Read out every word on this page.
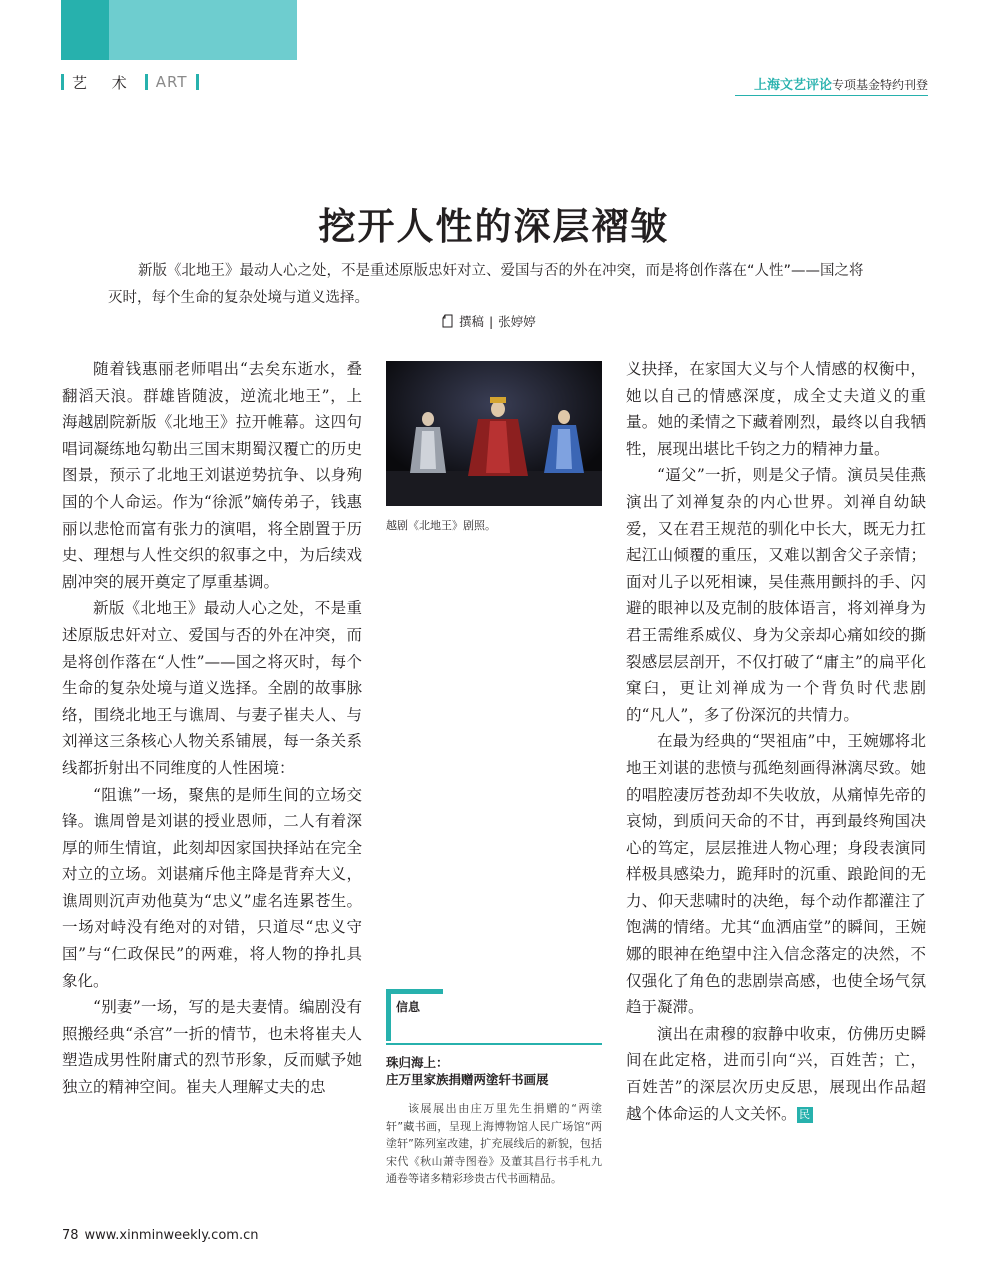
艺 术 ART	上海文艺评论 专项基金特约刊登
挖开人性的深层褶皱

新版《北地王》最动人心之处，不是重述原版忠奸对立、爱国与否的外在冲突，而是将创作落在“人性”——国之将灭时，每个生命的复杂处境与道义选择。

撰稿 | 张婷婷

随着钱惠丽老师唱出“去矣东逝水，叠翻滔天浪。群雄皆随波，逆流北地王”，上海越剧院新版《北地王》拉开帷幕。这四句唱词凝练地勾勒出三国末期蜀汉覆亡的历史图景，预示了北地王刘谌逆势抗争、以身殉国的个人命运。作为“徐派”嫡传弟子，钱惠丽以悲怆而富有张力的演唱，将全剧置于历史、理想与人性交织的叙事之中，为后续戏剧冲突的展开奠定了厚重基调。

新版《北地王》最动人心之处，不是重述原版忠奸对立、爱国与否的外在冲突，而是将创作落在“人性”——国之将灭时，每个生命的复杂处境与道义选择。全剧的故事脉络，围绕北地王与谯周、与妻子崔夫人、与刘禅这三条核心人物关系铺展，每一条关系线都折射出不同维度的人性困境：

“阻谯”一场，聚焦的是师生间的立场交锋。谯周曾是刘谌的授业恩师，二人有着深厚的师生情谊，此刻却因家国抉择站在完全对立的立场。刘谌痛斥他主降是背弃大义，谯周则沉声劝他莫为“忠义”虚名连累苍生。一场对峙没有绝对的对错，只道尽“忠义守国”与“仁政保民”的两难，将人物的挣扎具象化。

“别妻”一场，写的是夫妻情。编剧没有照搬经典“杀宫”一折的情节，也未将崔夫人塑造成男性附庸式的烈节形象，反而赋予她独立的精神空间。崔夫人理解丈夫的忠

越剧《北地王》剧照。
信息
珠归海上：
庄万里家族捐赠两塗轩书画展

该展展出由庄万里先生捐赠的“两塗轩”藏书画，呈现上海博物馆人民广场馆“两塗轩”陈列室改建，扩充展线后的新貌，包括宋代《秋山萧寺图卷》及董其昌行书手札九通卷等诸多精彩珍贵古代书画精品。

义抉择，在家国大义与个人情感的权衡中，她以自己的情感深度，成全丈夫道义的重量。她的柔情之下藏着刚烈，最终以自我牺牲，展现出堪比千钧之力的精神力量。

“逼父”一折，则是父子情。演员吴佳燕演出了刘禅复杂的内心世界。刘禅自幼缺爱，又在君王规范的驯化中长大，既无力扛起江山倾覆的重压，又难以割舍父子亲情；面对儿子以死相谏，吴佳燕用颤抖的手、闪避的眼神以及克制的肢体语言，将刘禅身为君王需维系威仪、身为父亲却心痛如绞的撕裂感层层剖开，不仅打破了“庸主”的扁平化窠臼，更让刘禅成为一个背负时代悲剧的“凡人”，多了份深沉的共情力。

在最为经典的“哭祖庙”中，王婉娜将北地王刘谌的悲愤与孤绝刻画得淋漓尽致。她的唱腔凄厉苍劲却不失收放，从痛悼先帝的哀恸，到质问天命的不甘，再到最终殉国决心的笃定，层层推进人物心理；身段表演同样极具感染力，跪拜时的沉重、踉跄间的无力、仰天悲啸时的决绝，每个动作都灌注了饱满的情绪。尤其“血洒庙堂”的瞬间，王婉娜的眼神在绝望中注入信念落定的决然，不仅强化了角色的悲剧崇高感，也使全场气氛趋于凝滞。

演出在肃穆的寂静中收束，仿佛历史瞬间在此定格，进而引向“兴，百姓苦；亡，百姓苦”的深层次历史反思，展现出作品超越个体命运的人文关怀。 民

78 www.xinminweekly.com.cn
